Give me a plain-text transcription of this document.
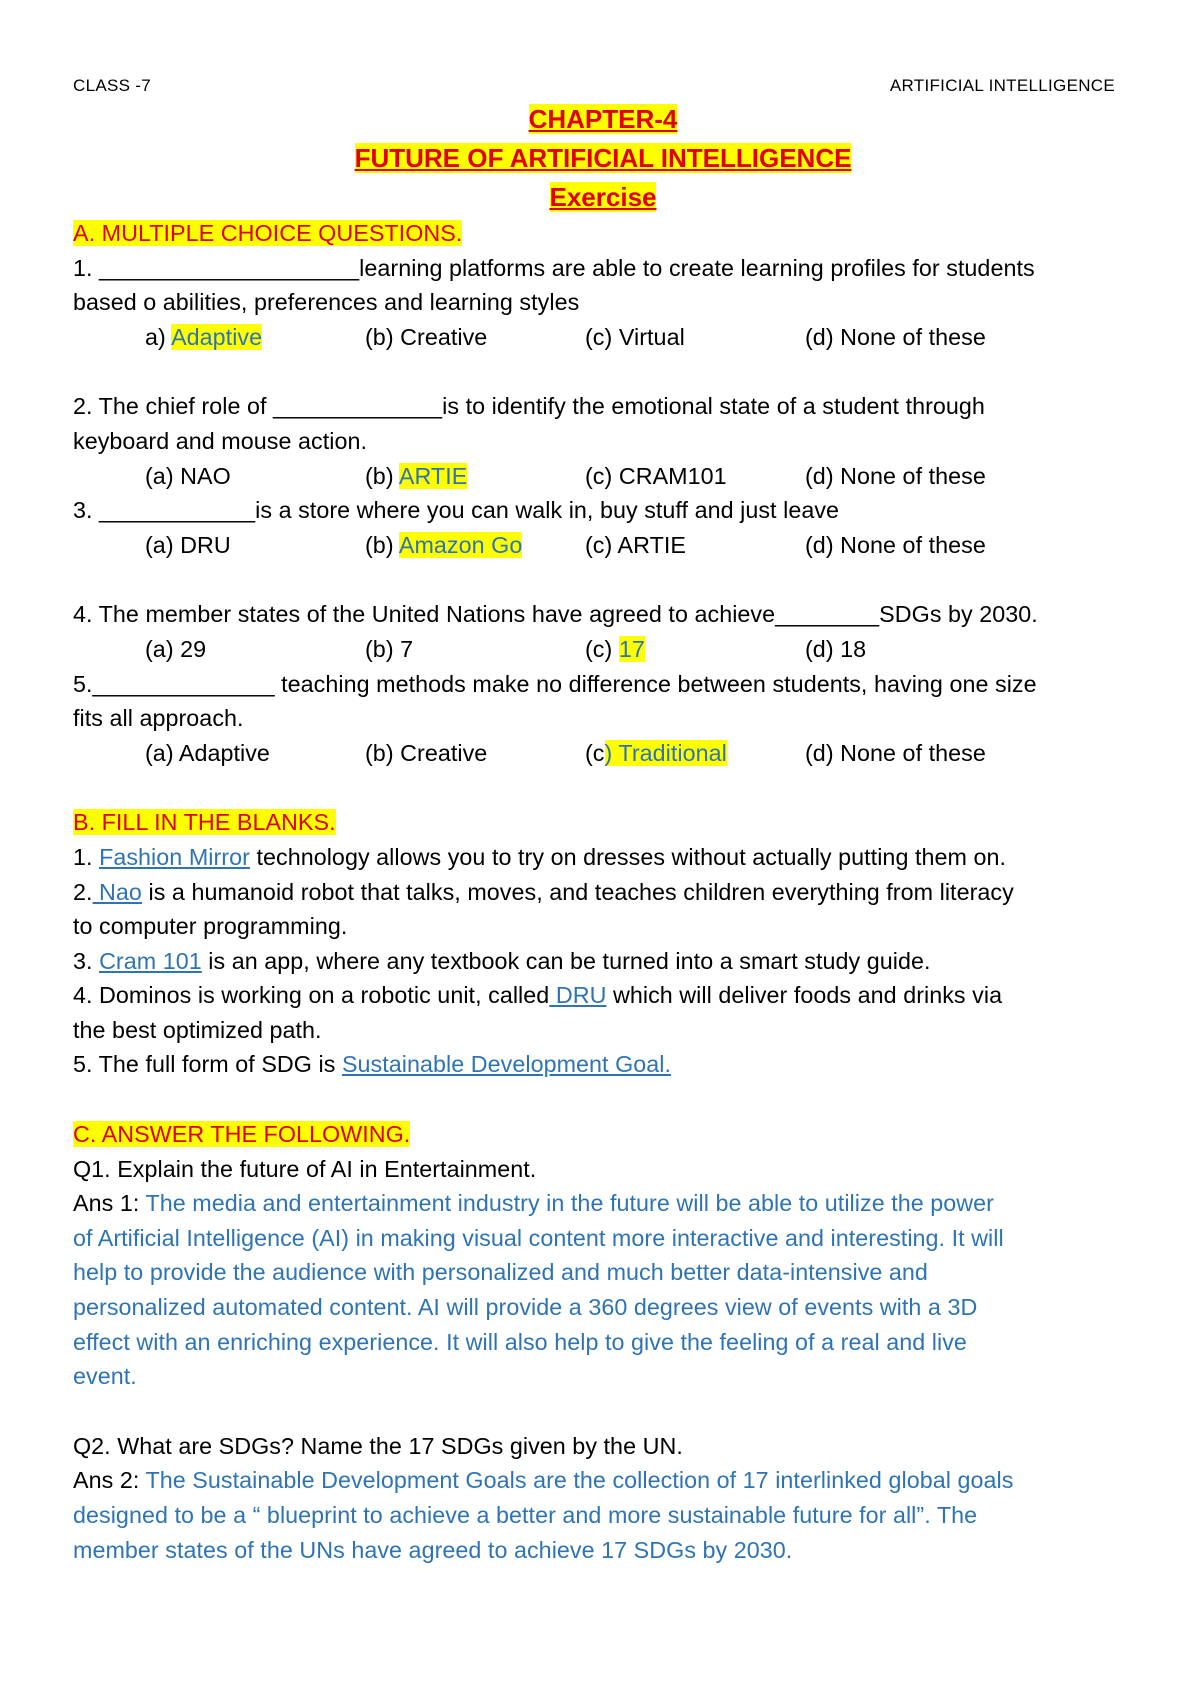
CLASS -7	ARTIFICIAL INTELLIGENCE
CHAPTER-4
FUTURE OF ARTIFICIAL INTELLIGENCE
Exercise
A. MULTIPLE CHOICE QUESTIONS.
1. ____________________learning platforms are able to create learning profiles for students
based o abilities, preferences and learning styles
a) Adaptive	(b) Creative	(c) Virtual	(d) None of these
2. The chief role of _____________is to identify the emotional state of a student through
keyboard and mouse action.
(a) NAO	(b) ARTIE	(c) CRAM101	(d) None of these
3. ____________is a store where you can walk in, buy stuff and just leave
(a) DRU	(b) Amazon Go	(c) ARTIE	(d) None of these
4. The member states of the United Nations have agreed to achieve________SDGs by 2030.
(a) 29	(b) 7	(c) 17	(d) 18
5.______________ teaching methods make no difference between students, having one size
fits all approach.
(a) Adaptive	(b) Creative	(c) Traditional	(d) None of these
B. FILL IN THE BLANKS.
1. Fashion Mirror technology allows you to try on dresses without actually putting them on.
2. Nao is a humanoid robot that talks, moves, and teaches children everything from literacy
to computer programming.
3. Cram 101 is an app, where any textbook can be turned into a smart study guide.
4. Dominos is working on a robotic unit, called DRU which will deliver foods and drinks via
the best optimized path.
5. The full form of SDG is Sustainable Development Goal.
C. ANSWER THE FOLLOWING.
Q1. Explain the future of AI in Entertainment.
Ans 1: The media and entertainment industry in the future will be able to utilize the power
of Artificial Intelligence (AI) in making visual content more interactive and interesting. It will
help to provide the audience with personalized and much better data-intensive and
personalized automated content. AI will provide a 360 degrees view of events with a 3D
effect with an enriching experience. It will also help to give the feeling of a real and live
event.
Q2. What are SDGs? Name the 17 SDGs given by the UN.
Ans 2: The Sustainable Development Goals are the collection of 17 interlinked global goals
designed to be a “ blueprint to achieve a better and more sustainable future for all”. The
member states of the UNs have agreed to achieve 17 SDGs by 2030.
